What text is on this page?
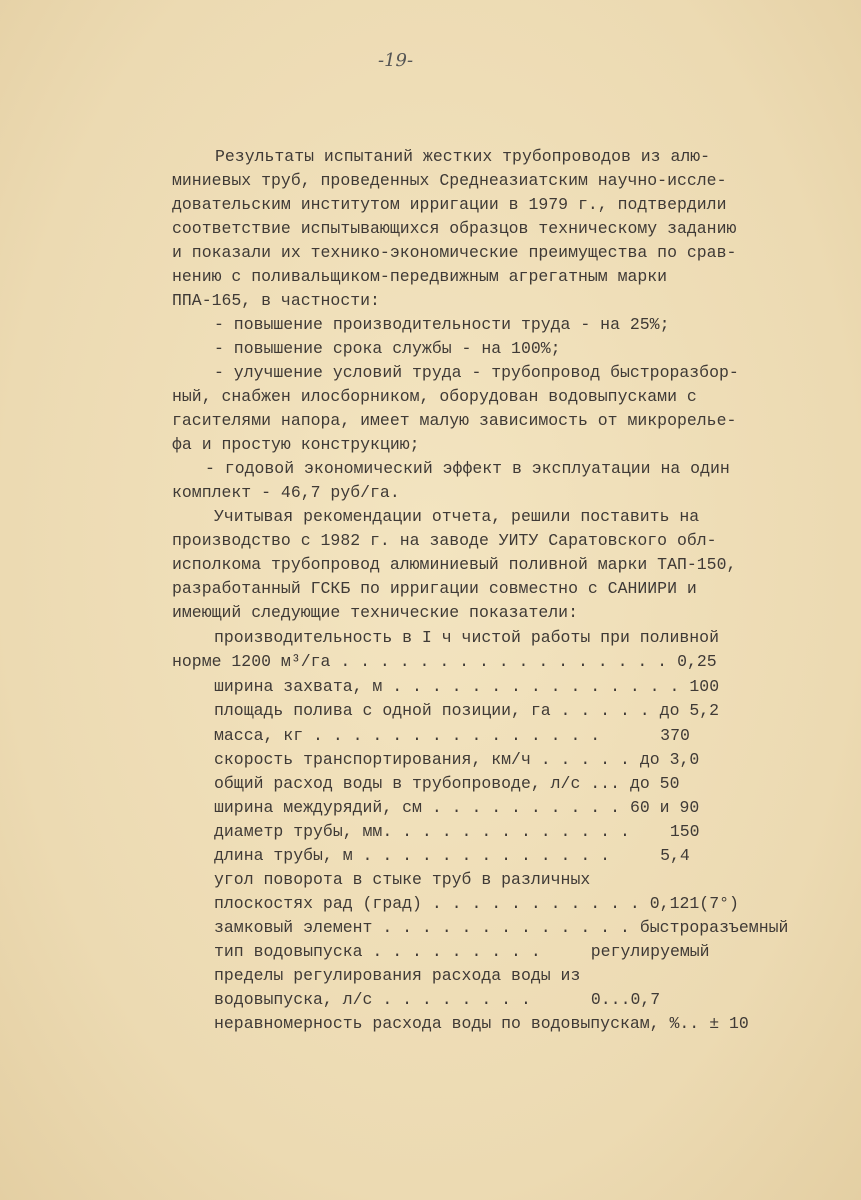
-19-
Результаты испытаний жестких трубопроводов из алю-
миниевых труб, проведенных Среднеазиатским научно-иссле-
довательским институтом ирригации в 1979 г., подтвердили
соответствие испытывающихся образцов техническому заданию
и показали их технико-экономические преимущества по срав-
нению с поливальщиком-передвижным агрегатным марки
ППА-165, в частности:
- повышение производительности труда - на 25%;
- повышение срока службы - на 100%;
- улучшение условий труда - трубопровод быстроразбор-
ный, снабжен илосборником, оборудован водовыпусками с
гасителями напора, имеет малую зависимость от микрорелье-
фа и простую конструкцию;
- годовой экономический эффект в эксплуатации на один
комплект - 46,7 руб/га.
Учитывая рекомендации отчета, решили поставить на
производство с 1982 г. на заводе УИТУ Саратовского обл-
исполкома трубопровод алюминиевый поливной марки ТАП-150,
разработанный ГСКБ по ирригации совместно с САНИИРИ и
имеющий следующие технические показатели:
производительность в I ч чистой работы при поливной
норме 1200 м³/га . . . . . . . . . . . . . . . . . 0,25
ширина захвата, м . . . . . . . . . . . . . . . 100
площадь полива с одной позиции, га . . . . . до 5,2
масса, кг . . . . . . . . . . . . . . .	370
скорость транспортирования, км/ч . . . . . до 3,0
общий расход воды в трубопроводе, л/с ... до 50
ширина междурядий, см . . . . . . . . . . 60 и 90
диаметр трубы, мм. . . . . . . . . . . . . 150
длина трубы, м . . . . . . . . . . . . .	5,4
угол поворота в стыке труб в различных
плоскостях рад (град) . . . . . . . . . . . 0,121(7°)
замковый элемент . . . . . . . . . . . . . быстроразъемный
тип водовыпуска . . . . . . . . .	регулируемый
пределы регулирования расхода воды из
водовыпуска, л/с . . . . . . . .	0...0,7
неравномерность расхода воды по водовыпускам, %.. ± 10
